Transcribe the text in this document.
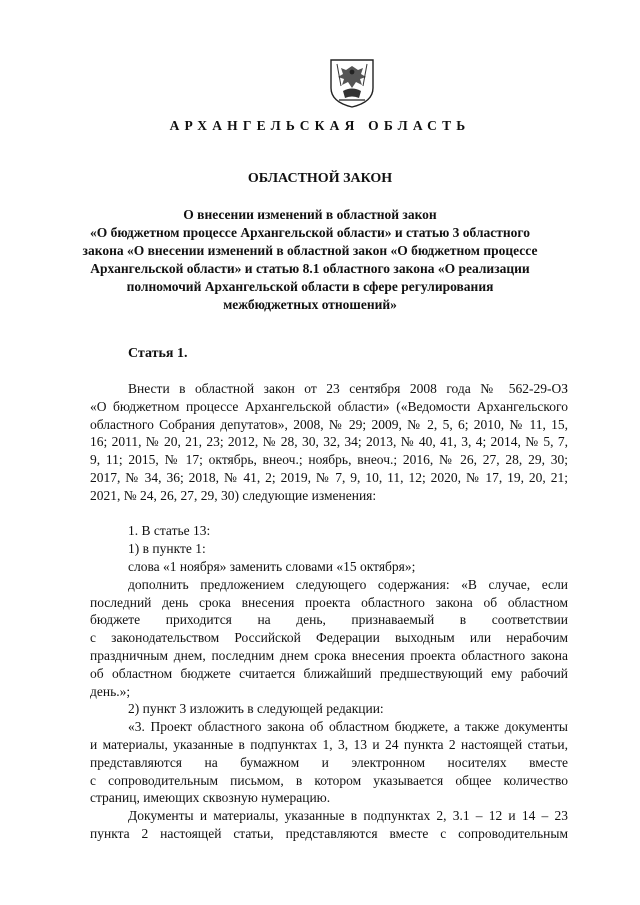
АРХАНГЕЛЬСКАЯ ОБЛАСТЬ
ОБЛАСТНОЙ ЗАКОН
О внесении изменений в областной закон
«О бюджетном процессе Архангельской области» и статью 3 областного
закона «О внесении изменений в областной закон «О бюджетном процессе
Архангельской области» и статью 8.1 областного закона «О реализации
полномочий Архангельской области в сфере регулирования
межбюджетных отношений»
Статья 1.

Внести в областной закон от 23 сентября 2008 года № 562-29-ОЗ
«О бюджетном процессе Архангельской области» («Ведомости Архангельского
областного Собрания депутатов», 2008, № 29; 2009, № 2, 5, 6; 2010, № 11, 15,
16; 2011, № 20, 21, 23; 2012, № 28, 30, 32, 34; 2013, № 40, 41, 3, 4; 2014, № 5, 7,
9, 11; 2015, № 17; октябрь, внеоч.; ноябрь, внеоч.; 2016, № 26, 27, 28, 29, 30;
2017, № 34, 36; 2018, № 41, 2; 2019, № 7, 9, 10, 11, 12; 2020, № 17, 19, 20, 21;
2021, № 24, 26, 27, 29, 30) следующие изменения:

1. В статье 13:

1) в пункте 1:

слова «1 ноября» заменить словами «15 октября»;

дополнить предложением следующего содержания: «В случае, если
последний день срока внесения проекта областного закона об областном
бюджете приходится на день, признаваемый в соответствии
с законодательством Российской Федерации выходным или нерабочим
праздничным днем, последним днем срока внесения проекта областного закона
об областном бюджете считается ближайший предшествующий ему рабочий
день.»;

2) пункт 3 изложить в следующей редакции:

«3. Проект областного закона об областном бюджете, а также документы
и материалы, указанные в подпунктах 1, 3, 13 и 24 пункта 2 настоящей статьи,
представляются на бумажном и электронном носителях вместе
с сопроводительным письмом, в котором указывается общее количество
страниц, имеющих сквозную нумерацию.

Документы и материалы, указанные в подпунктах 2, 3.1 – 12 и 14 – 23
пункта 2 настоящей статьи, представляются вместе с сопроводительным
